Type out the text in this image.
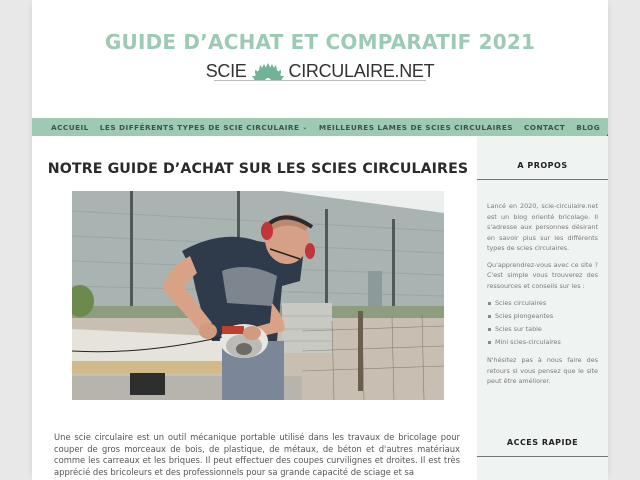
GUIDE D’ACHAT ET COMPARATIF 2021
SCIE CIRCULAIRE.NET
ACCUEIL LES DIFFÉRENTS TYPES DE SCIE CIRCULAIRE ⌄ MEILLEURES LAMES DE SCIES CIRCULAIRES CONTACT BLOG
NOTRE GUIDE D’ACHAT SUR LES SCIES CIRCULAIRES

Une scie circulaire est un outil mécanique portable utilisé dans les travaux de bricolage pour couper de gros morceaux de bois, de plastique, de métaux, de béton et d'autres matériaux comme les carreaux et les briques. Il peut effectuer des coupes curvilignes et droites. Il est très apprécié des bricoleurs et des professionnels pour sa grande capacité de sciage et sa

A PROPOS

Lancé en 2020, scie-circulaire.net est un blog orienté bricolage. Il s'adresse aux personnes désirant en savoir plus sur les différents types de scies circulaires.

Qu'apprendrez-vous avec ce site ? C'est simple vous trouverez des ressources et conseils sur les :

Scies circulaires
Scies plongeantes
Scies sur table
Mini scies-circulaires

N'hésitez pas à nous faire des retours si vous pensez que le site peut être améliorer.

ACCES RAPIDE
